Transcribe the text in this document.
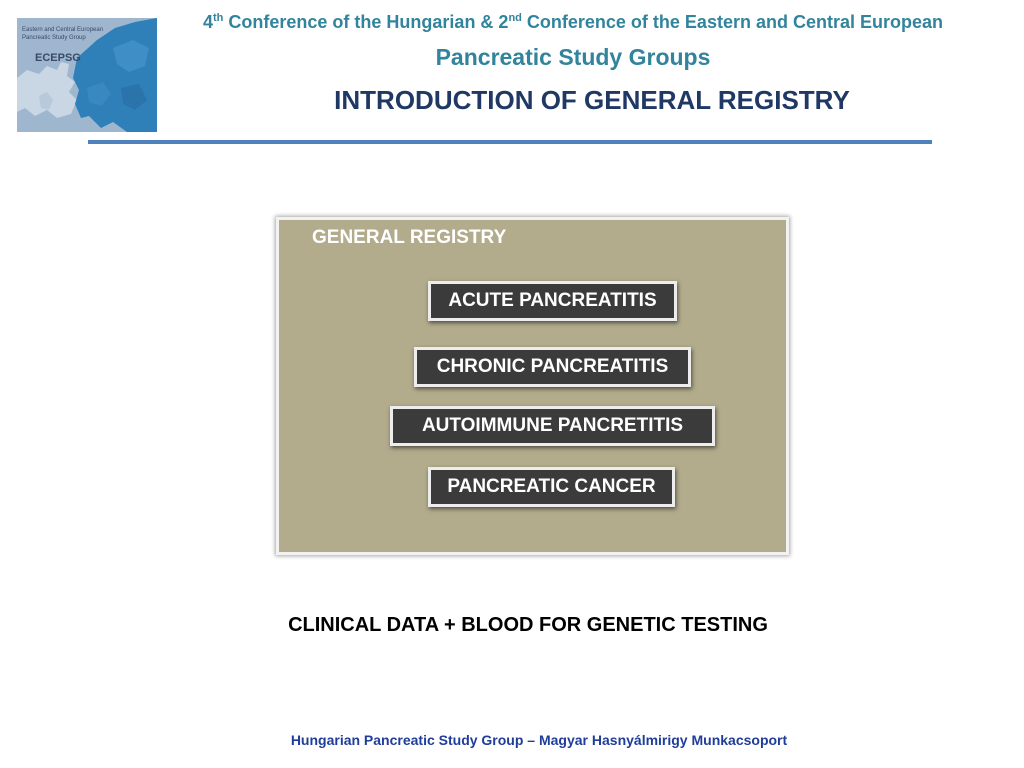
Eastern and Central European
Pancreatic Study Group
ECEPSG
4th Conference of the Hungarian & 2nd Conference of the Eastern and Central European
Pancreatic Study Groups
INTRODUCTION OF GENERAL REGISTRY
GENERAL REGISTRY
ACUTE PANCREATITIS
CHRONIC PANCREATITIS
AUTOIMMUNE PANCRETITIS
PANCREATIC CANCER
CLINICAL DATA + BLOOD FOR GENETIC TESTING
Hungarian Pancreatic Study Group – Magyar Hasnyálmirigy Munkacsoport
